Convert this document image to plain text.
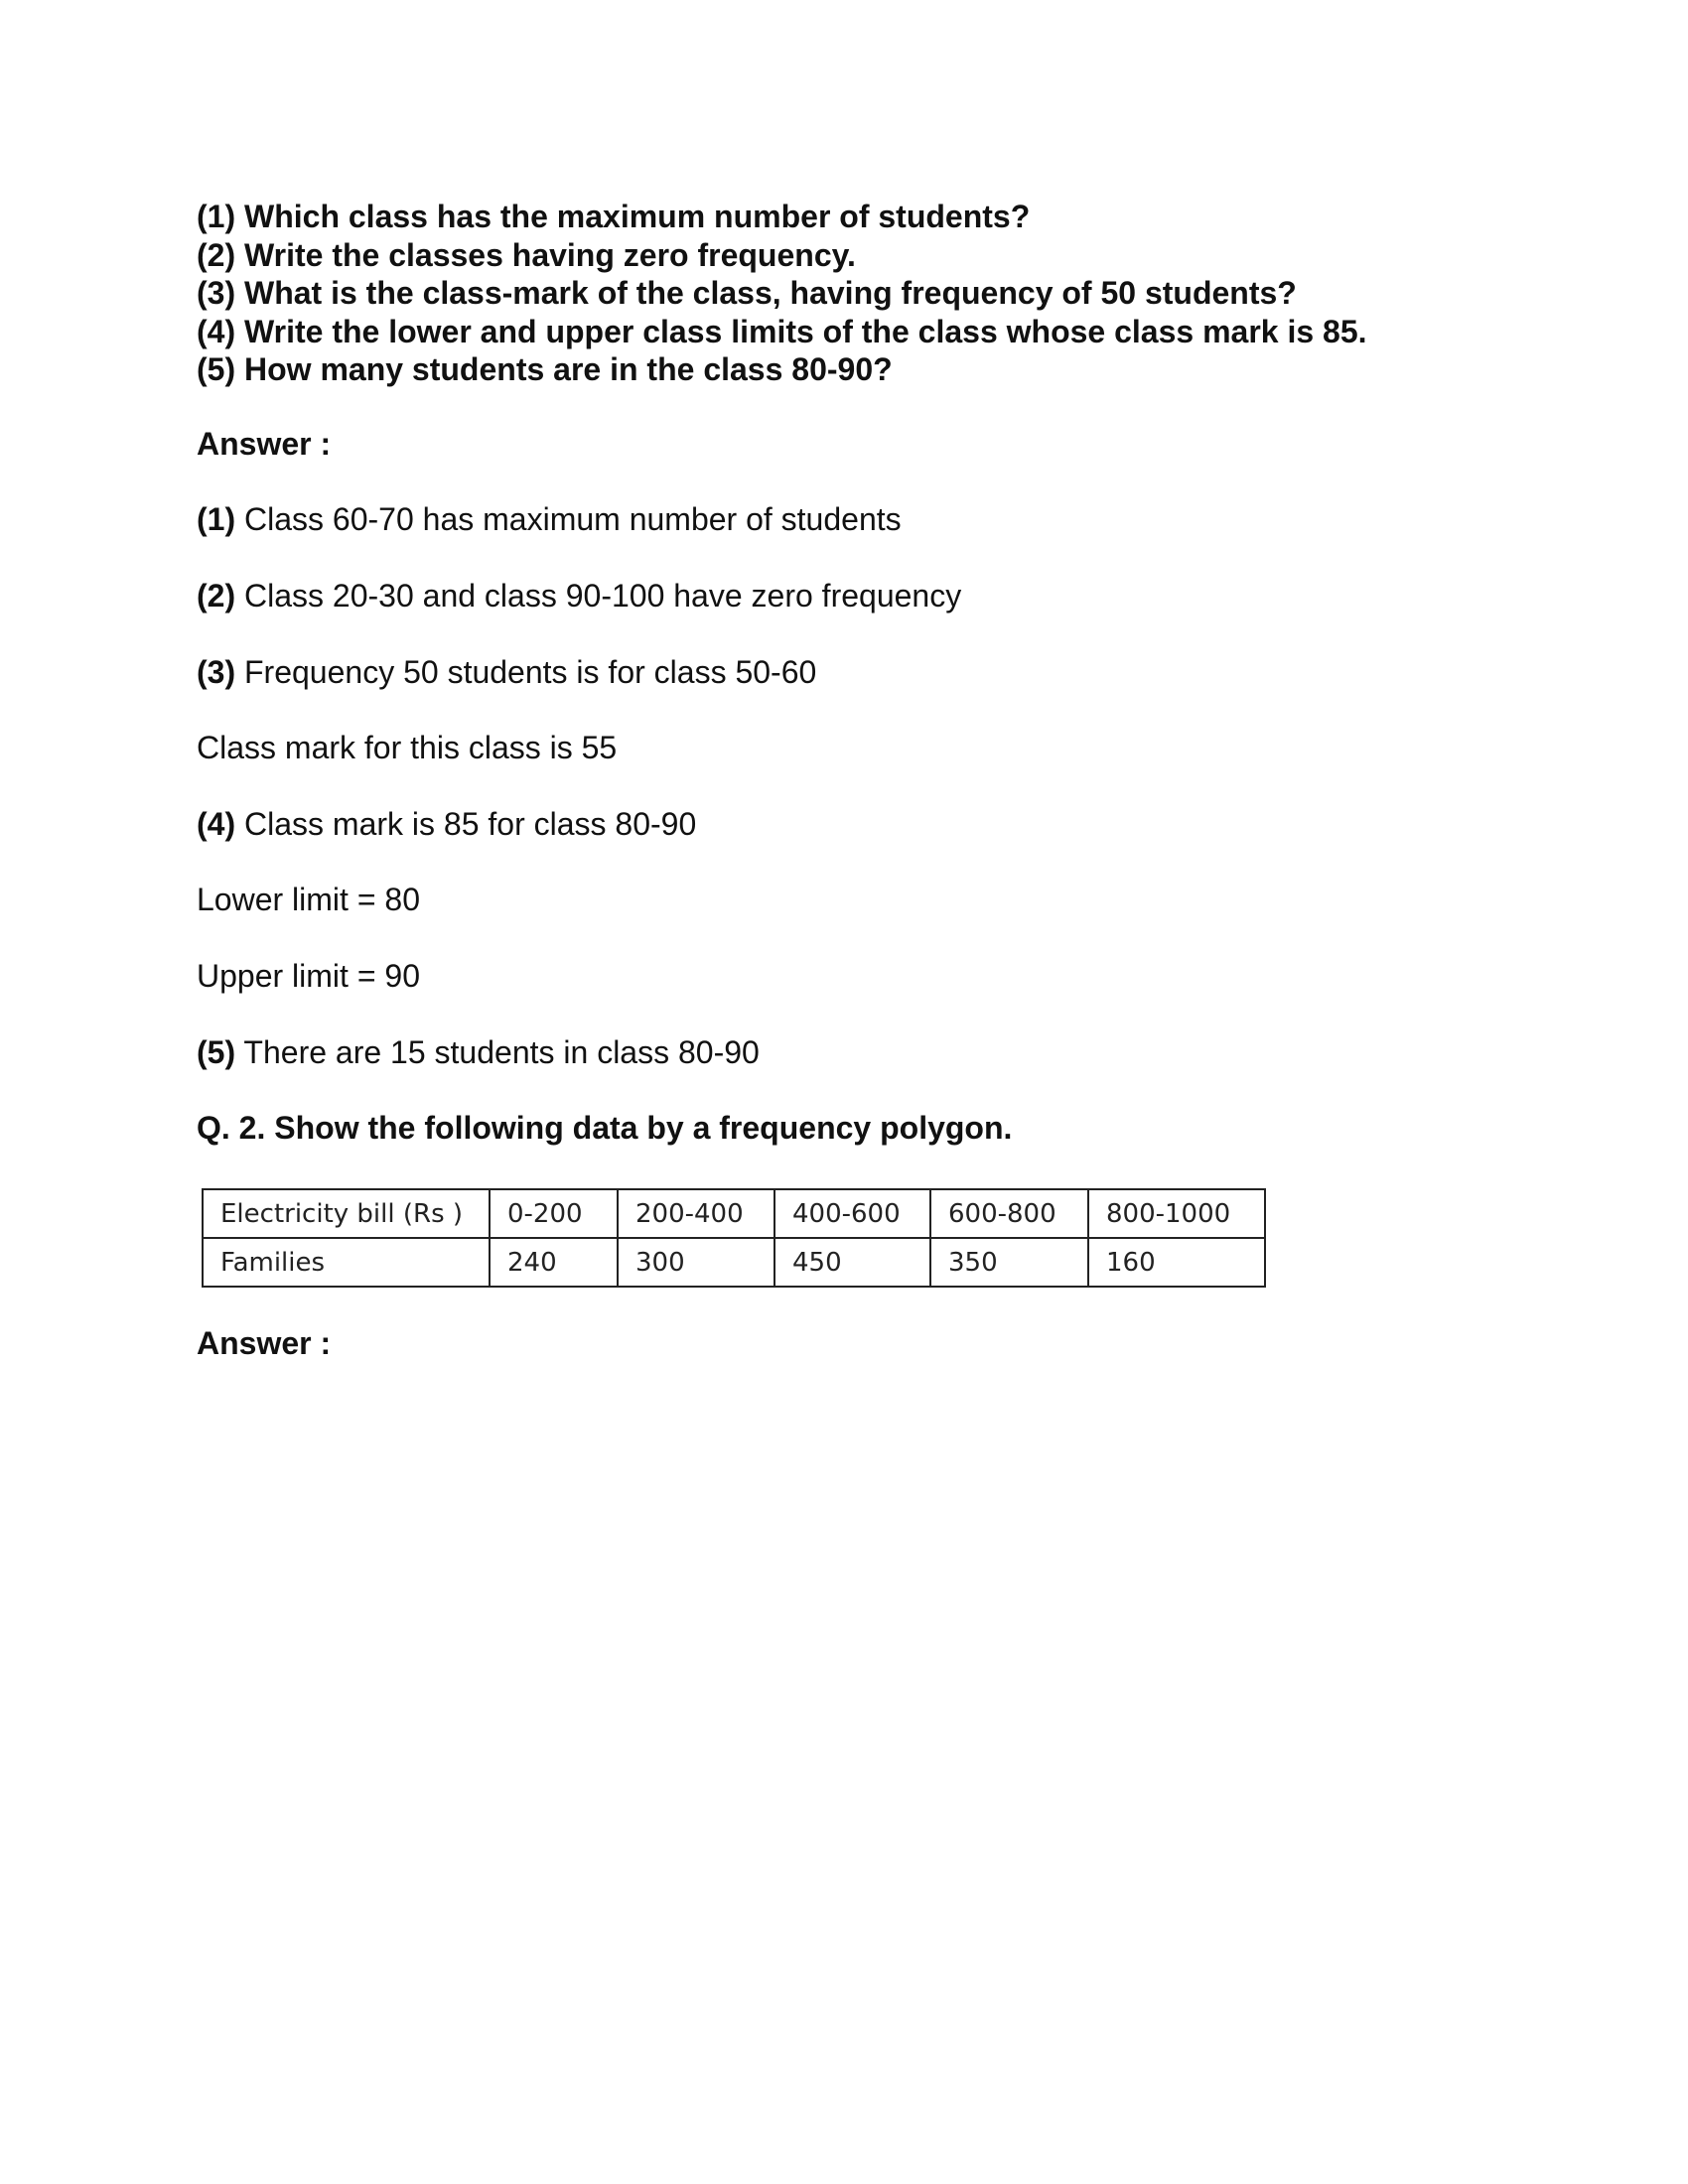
(1) Which class has the maximum number of students?
(2) Write the classes having zero frequency.
(3) What is the class-mark of the class, having frequency of 50 students?
(4) Write the lower and upper class limits of the class whose class mark is 85.
(5) How many students are in the class 80-90?

Answer :

(1) Class 60-70 has maximum number of students

(2) Class 20-30 and class 90-100 have zero frequency

(3) Frequency 50 students is for class 50-60

Class mark for this class is 55

(4) Class mark is 85 for class 80-90

Lower limit = 80

Upper limit = 90

(5) There are 15 students in class 80-90

Q. 2. Show the following data by a frequency polygon.

Electricity bill (Rs )	0-200	200-400	400-600	600-800	800-1000
Families	240	300	450	350	160

Answer :
